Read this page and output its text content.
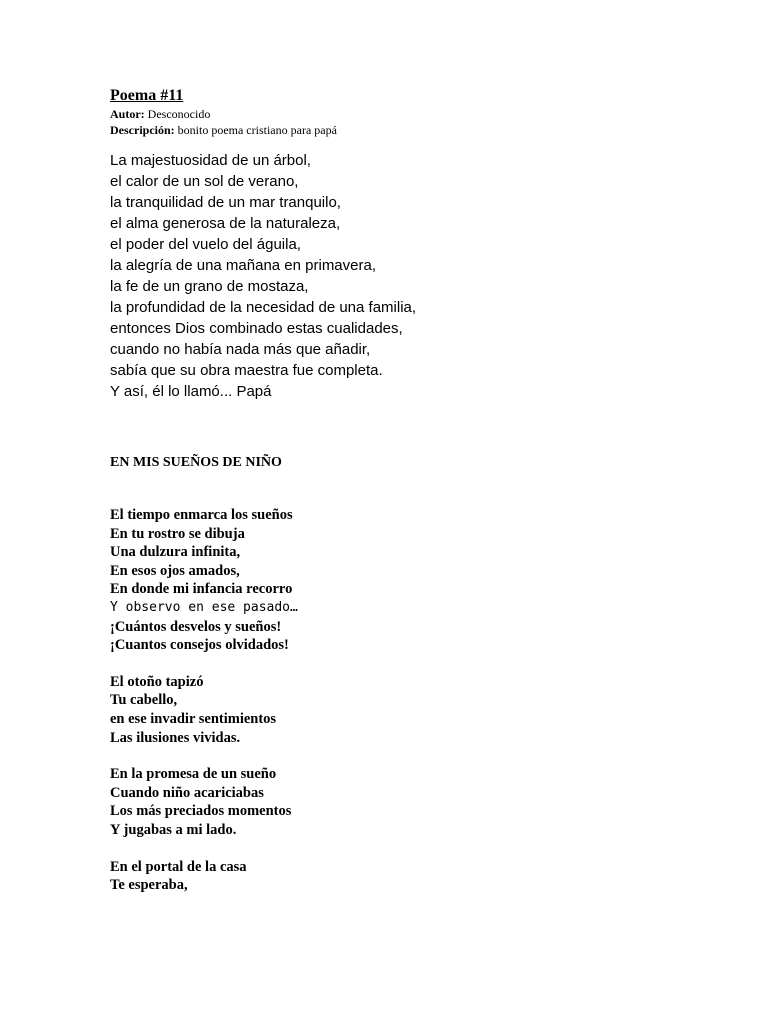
Poema #11

Autor: Desconocido

Descripción: bonito poema cristiano para papá

La majestuosidad de un árbol,
el calor de un sol de verano,
la tranquilidad de un mar tranquilo,
el alma generosa de la naturaleza,
el poder del vuelo del águila,
la alegría de una mañana en primavera,
la fe de un grano de mostaza,
la profundidad de la necesidad de una familia,
entonces Dios combinado estas cualidades,
cuando no había nada más que añadir,
sabía que su obra maestra fue completa.
Y así, él lo llamó... Papá
EN MIS SUEÑOS DE NIÑO
El tiempo enmarca los sueños
En tu rostro se dibuja
Una dulzura infinita,
En esos ojos amados,
En donde mi infancia recorro
Y observo en ese pasado…
¡Cuántos desvelos y sueños!
¡Cuantos consejos olvidados!
El otoño tapizó
Tu cabello,
en ese invadir sentimientos
Las ilusiones vividas.
En la promesa de un sueño
Cuando niño acariciabas
Los más preciados momentos
Y jugabas a mi lado.
En el portal de la casa
Te esperaba,
